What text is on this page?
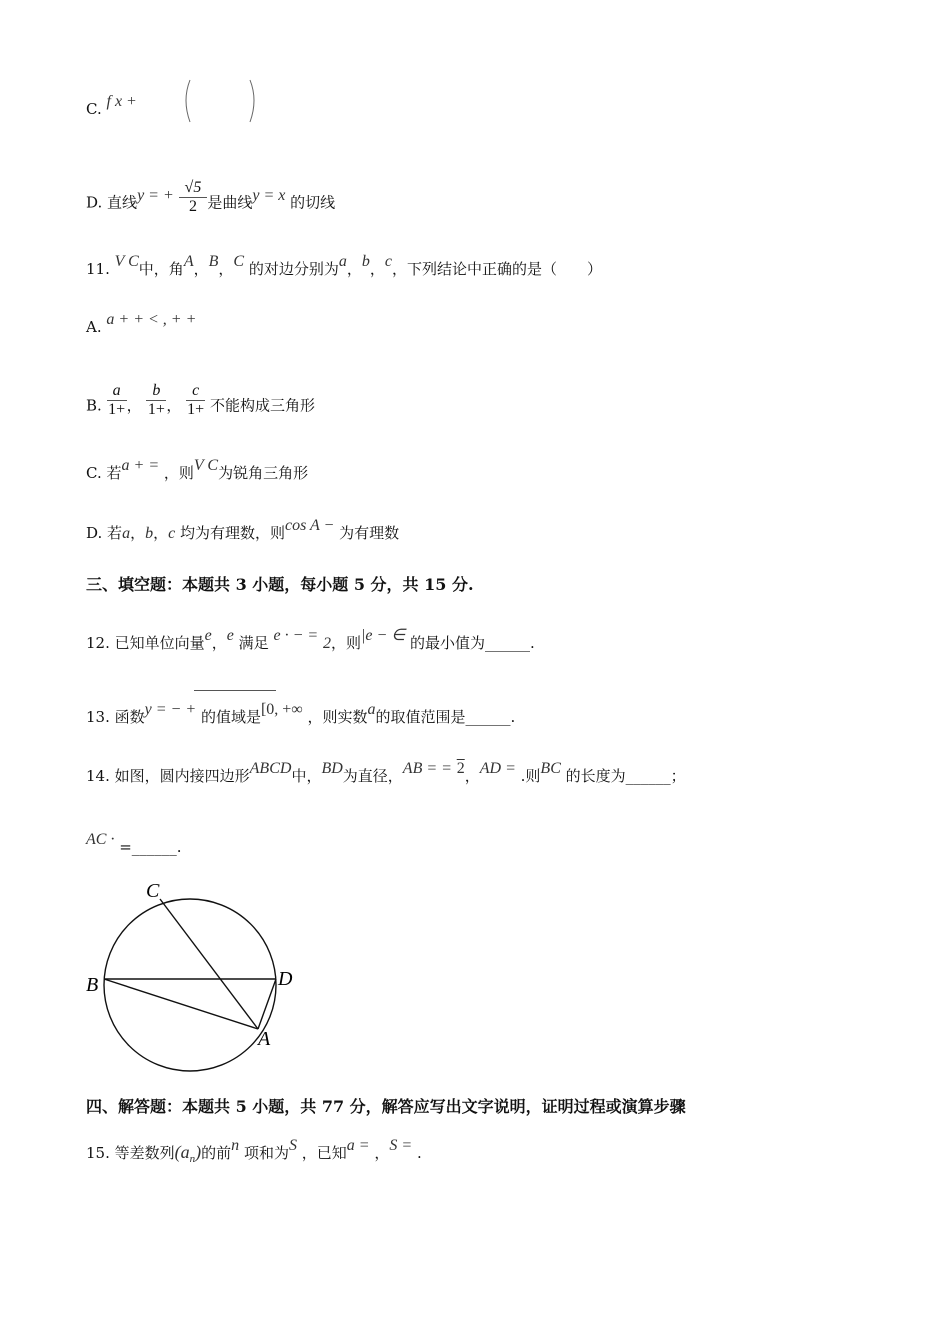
C. f x +
D. 直线y = + $\frac{√5}{2}$ 是曲线y = x 的切线
11. V C中，角A，B，C 的对边分别为a，b，c，下列结论中正确的是（　　）
A. a + + < , + +
B. $\frac{a}{1+}$ ， $\frac{b}{1+}$ ， $\frac{c}{1+}$ 不能构成三角形
C. 若a + = ，则V C为锐角三角形
D. 若a，b，c 均为有理数，则cos A − 为有理数
三、填空题：本题共 3 小题，每小题 5 分，共 15 分.
12. 已知单位向量e，e 满足 e · − = 2，则|e − ∈ 的最小值为______.
13. 函数y = − + 的值域是[0, +∞ ，则实数a的取值范围是______.
14. 如图，圆内接四边形ABCD中，BD为直径，AB = = 2，AD = .则BC 的长度为______；
AC · =______.
C
B	D
A
四、解答题：本题共 5 小题，共 77 分，解答应写出文字说明，证明过程或演算步骤
15. 等差数列$(a_n)$的前n 项和为S ，已知a = ，S = .
